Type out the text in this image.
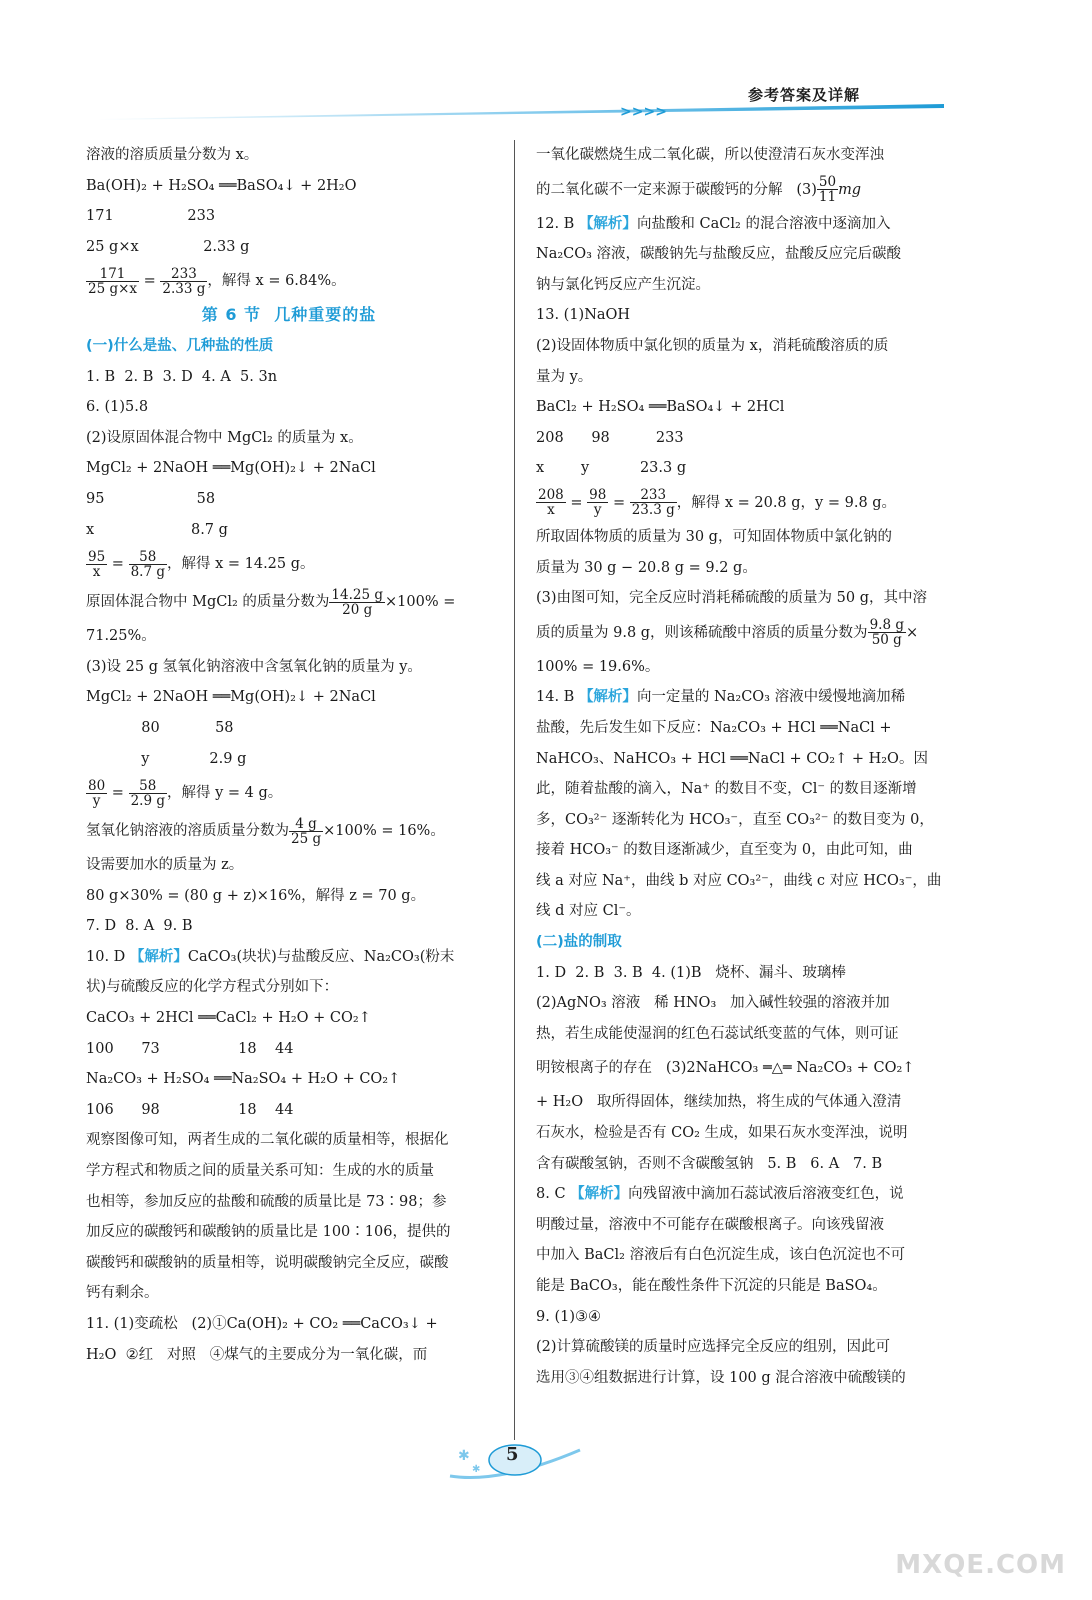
参考答案及详解
>>>>
溶液的溶质质量分数为 x。
Ba(OH)₂ + H₂SO₄ ══BaSO₄↓ + 2H₂O
171                233
25 g×x              2.33 g
$\frac{171}{25 g\times x} = \frac{233}{2.33 g}$ ，解得 x = 6.84%。
第 6 节  几种重要的盐
(一)什么是盐、几种盐的性质
1. B  2. B  3. D  4. A  5. 3n
6. (1)5.8
(2)设原固体混合物中 MgCl₂ 的质量为 x。
MgCl₂ + 2NaOH ══Mg(OH)₂↓ + 2NaCl
95                    58
x                     8.7 g
$\frac{95}{x} = \frac{58}{8.7 g}$ ，解得 x = 14.25 g。
原固体混合物中 MgCl₂ 的质量分数为 $\frac{14.25 g}{20 g} \times 100\%$ =
71.25%。
(3)设 25 g 氢氧化钠溶液中含氢氧化钠的质量为 y。
MgCl₂ + 2NaOH ══Mg(OH)₂↓ + 2NaCl
80            58
y             2.9 g
$\frac{80}{y} = \frac{58}{2.9 g}$ ，解得 y = 4 g。
氢氧化钠溶液的溶质质量分数为 $\frac{4 g}{25 g} \times 100\% = 16\%$。
设需要加水的质量为 z。
80 g×30% = (80 g + z)×16%，解得 z = 70 g。
7. D  8. A  9. B
10. D 【解析】CaCO₃(块状)与盐酸反应、Na₂CO₃(粉末
状)与硫酸反应的化学方程式分别如下：
CaCO₃ + 2HCl ══CaCl₂ + H₂O + CO₂↑
100      73                 18    44
Na₂CO₃ + H₂SO₄ ══Na₂SO₄ + H₂O + CO₂↑
106      98                 18    44
观察图像可知，两者生成的二氧化碳的质量相等，根据化
学方程式和物质之间的质量关系可知：生成的水的质量
也相等，参加反应的盐酸和硫酸的质量比是 73∶98；参
加反应的碳酸钙和碳酸钠的质量比是 100∶106，提供的
碳酸钙和碳酸钠的质量相等，说明碳酸钠完全反应，碳酸
钙有剩余。
11. (1)变疏松   (2)①Ca(OH)₂ + CO₂ ══CaCO₃↓ +
H₂O  ②红   对照   ④煤气的主要成分为一氧化碳，而
一氧化碳燃烧生成二氧化碳，所以使澄清石灰水变浑浊
的二氧化碳不一定来源于碳酸钙的分解   $(3) \frac{50}{11}$ mg
12. B 【解析】向盐酸和 CaCl₂ 的混合溶液中逐滴加入
Na₂CO₃ 溶液，碳酸钠先与盐酸反应，盐酸反应完后碳酸
钠与氯化钙反应产生沉淀。
13. (1)NaOH
(2)设固体物质中氯化钡的质量为 x，消耗硫酸溶质的质
量为 y。
BaCl₂ + H₂SO₄ ══BaSO₄↓ + 2HCl
208      98          233
x        y           23.3 g
$\frac{208}{x} = \frac{98}{y} = \frac{233}{23.3 g}$ ，解得 x = 20.8 g，y = 9.8 g。
所取固体物质的质量为 30 g，可知固体物质中氯化钠的
质量为 30 g − 20.8 g = 9.2 g。
(3)由图可知，完全反应时消耗稀硫酸的质量为 50 g，其中溶
质的质量为 9.8 g，则该稀硫酸中溶质的质量分数为 $\frac{9.8 g}{50 g}$ ×
100% = 19.6%。
14. B 【解析】向一定量的 Na₂CO₃ 溶液中缓慢地滴加稀
盐酸，先后发生如下反应：Na₂CO₃ + HCl ══NaCl +
NaHCO₃、NaHCO₃ + HCl ══NaCl + CO₂↑ + H₂O。因
此，随着盐酸的滴入，Na⁺ 的数目不变，Cl⁻ 的数目逐渐增
多，CO₃²⁻ 逐渐转化为 HCO₃⁻，直至 CO₃²⁻ 的数目变为 0，
接着 HCO₃⁻ 的数目逐渐减少，直至变为 0，由此可知，曲
线 a 对应 Na⁺，曲线 b 对应 CO₃²⁻，曲线 c 对应 HCO₃⁻，曲
线 d 对应 Cl⁻。
(二)盐的制取
1. D  2. B  3. B  4. (1)B   烧杯、漏斗、玻璃棒
(2)AgNO₃ 溶液   稀 HNO₃   加入碱性较强的溶液并加
热，若生成能使湿润的红色石蕊试纸变蓝的气体，则可证
明铵根离子的存在   (3)2NaHCO₃ ═△═ Na₂CO₃ + CO₂↑
+ H₂O   取所得固体，继续加热，将生成的气体通入澄清
石灰水，检验是否有 CO₂ 生成，如果石灰水变浑浊，说明
含有碳酸氢钠，否则不含碳酸氢钠   5. B   6. A   7. B
8. C 【解析】向残留液中滴加石蕊试液后溶液变红色，说
明酸过量，溶液中不可能存在碳酸根离子。向该残留液
中加入 BaCl₂ 溶液后有白色沉淀生成，该白色沉淀也不可
能是 BaCO₃，能在酸性条件下沉淀的只能是 BaSO₄。
9. (1)③④
(2)计算硫酸镁的质量时应选择完全反应的组别，因此可
选用③④组数据进行计算，设 100 g 混合溶液中硫酸镁的
✱
✱
5
MXQE.COM
